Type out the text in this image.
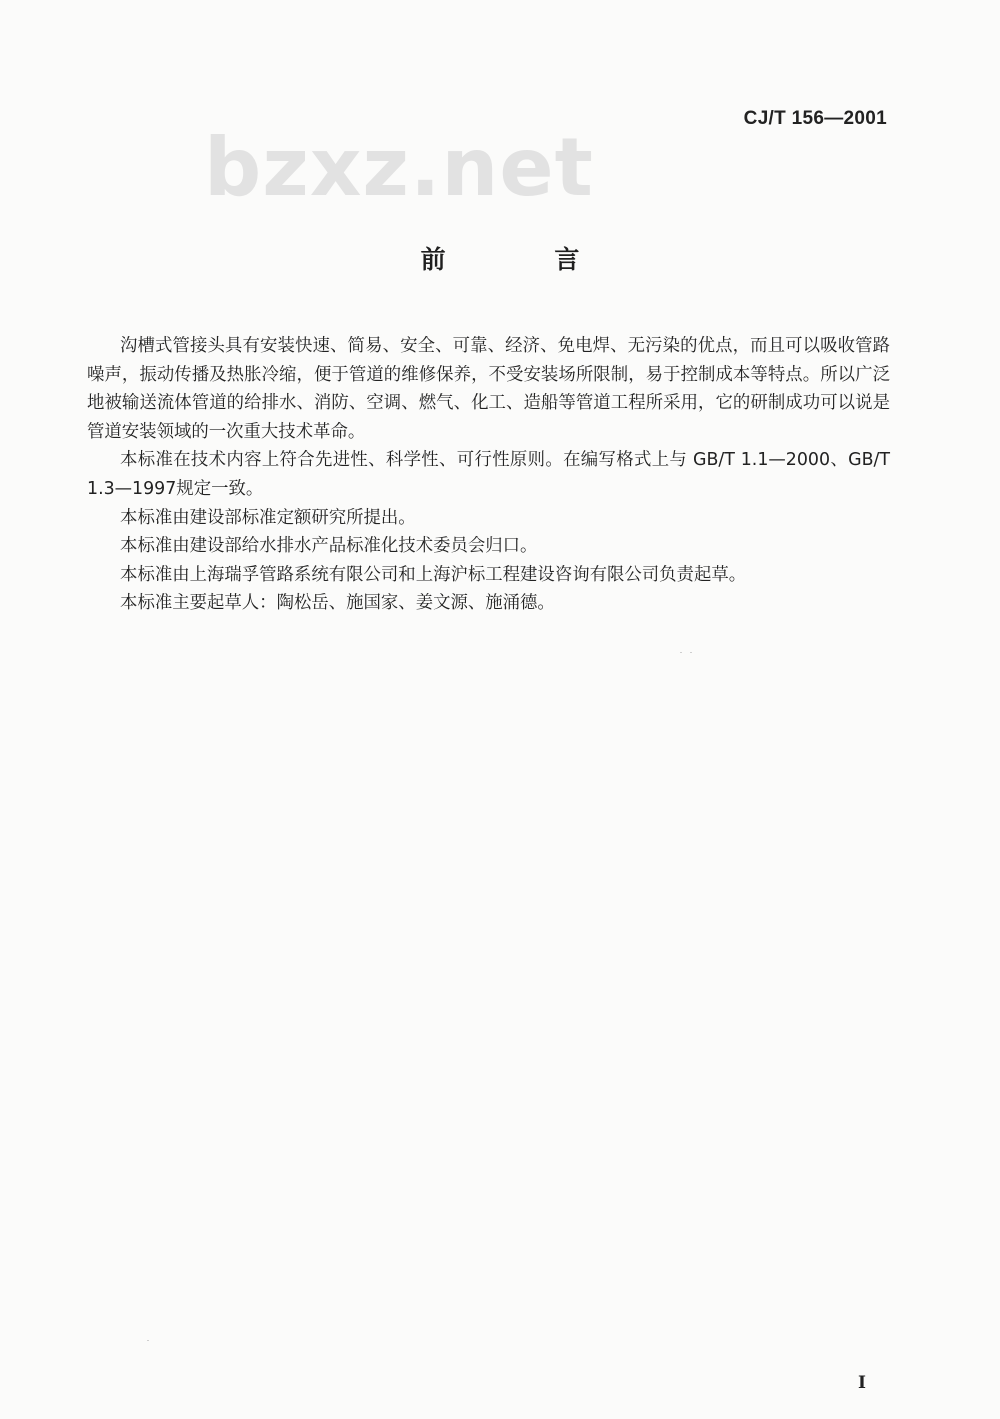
CJ/T 156—2001
bzxz.net
前 言

沟槽式管接头具有安装快速、简易、安全、可靠、经济、免电焊、无污染的优点，而且可以吸收管路噪声，振动传播及热胀冷缩，便于管道的维修保养，不受安装场所限制，易于控制成本等特点。所以广泛地被输送流体管道的给排水、消防、空调、燃气、化工、造船等管道工程所采用，它的研制成功可以说是管道安装领域的一次重大技术革命。

本标准在技术内容上符合先进性、科学性、可行性原则。在编写格式上与 GB/T 1.1—2000、GB/T 1.3—1997规定一致。

本标准由建设部标准定额研究所提出。

本标准由建设部给水排水产品标准化技术委员会归口。

本标准由上海瑞孚管路系统有限公司和上海沪标工程建设咨询有限公司负责起草。

本标准主要起草人：陶松岳、施国家、姜文源、施涌德。

I
